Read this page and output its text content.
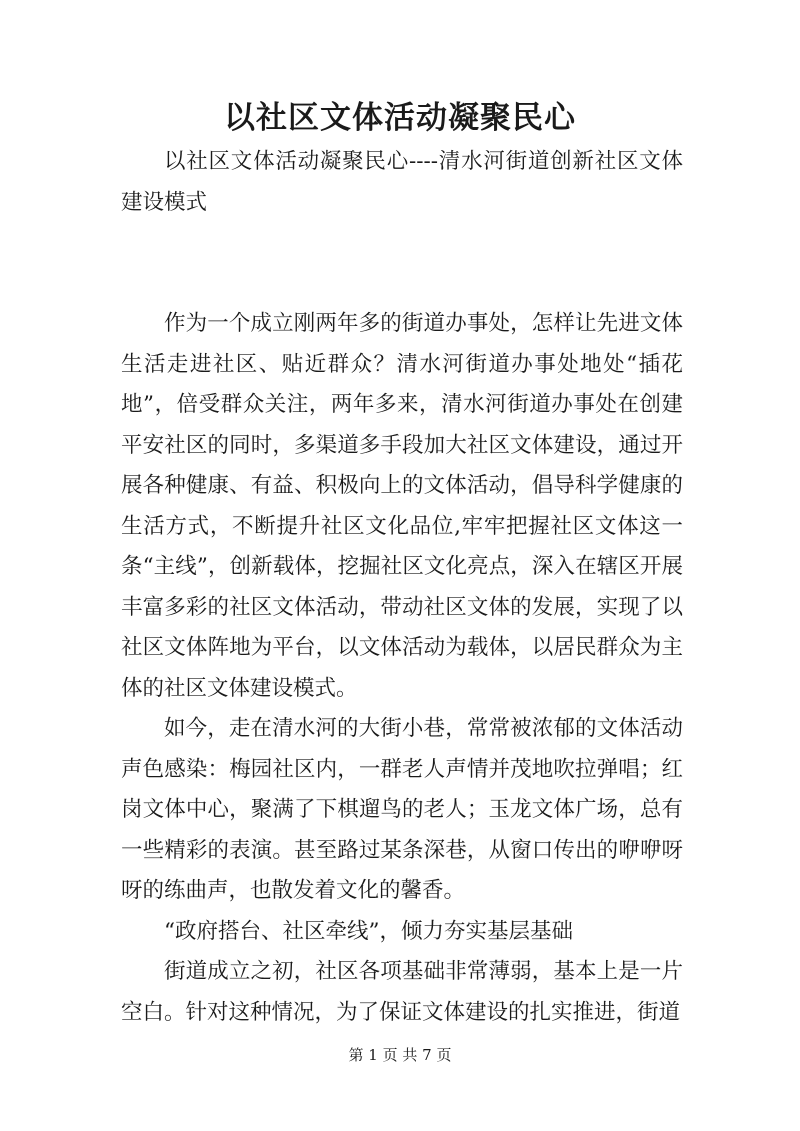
以社区文体活动凝聚民心

以社区文体活动凝聚民心----清水河街道创新社区文体建设模式

作为一个成立刚两年多的街道办事处，怎样让先进文体生活走进社区、贴近群众？清水河街道办事处地处“插花地”，倍受群众关注，两年多来，清水河街道办事处在创建平安社区的同时，多渠道多手段加大社区文体建设，通过开展各种健康、有益、积极向上的文体活动，倡导科学健康的生活方式，不断提升社区文化品位,牢牢把握社区文体这一条“主线”，创新载体，挖掘社区文化亮点，深入在辖区开展丰富多彩的社区文体活动，带动社区文体的发展，实现了以社区文体阵地为平台，以文体活动为载体，以居民群众为主体的社区文体建设模式。

如今，走在清水河的大街小巷，常常被浓郁的文体活动声色感染：梅园社区内，一群老人声情并茂地吹拉弹唱；红岗文体中心，聚满了下棋遛鸟的老人；玉龙文体广场，总有一些精彩的表演。甚至路过某条深巷，从窗口传出的咿咿呀呀的练曲声，也散发着文化的馨香。

“政府搭台、社区牵线”，倾力夯实基层基础

街道成立之初，社区各项基础非常薄弱，基本上是一片空白。针对这种情况，为了保证文体建设的扎实推进，街道

第 1 页 共 7 页
